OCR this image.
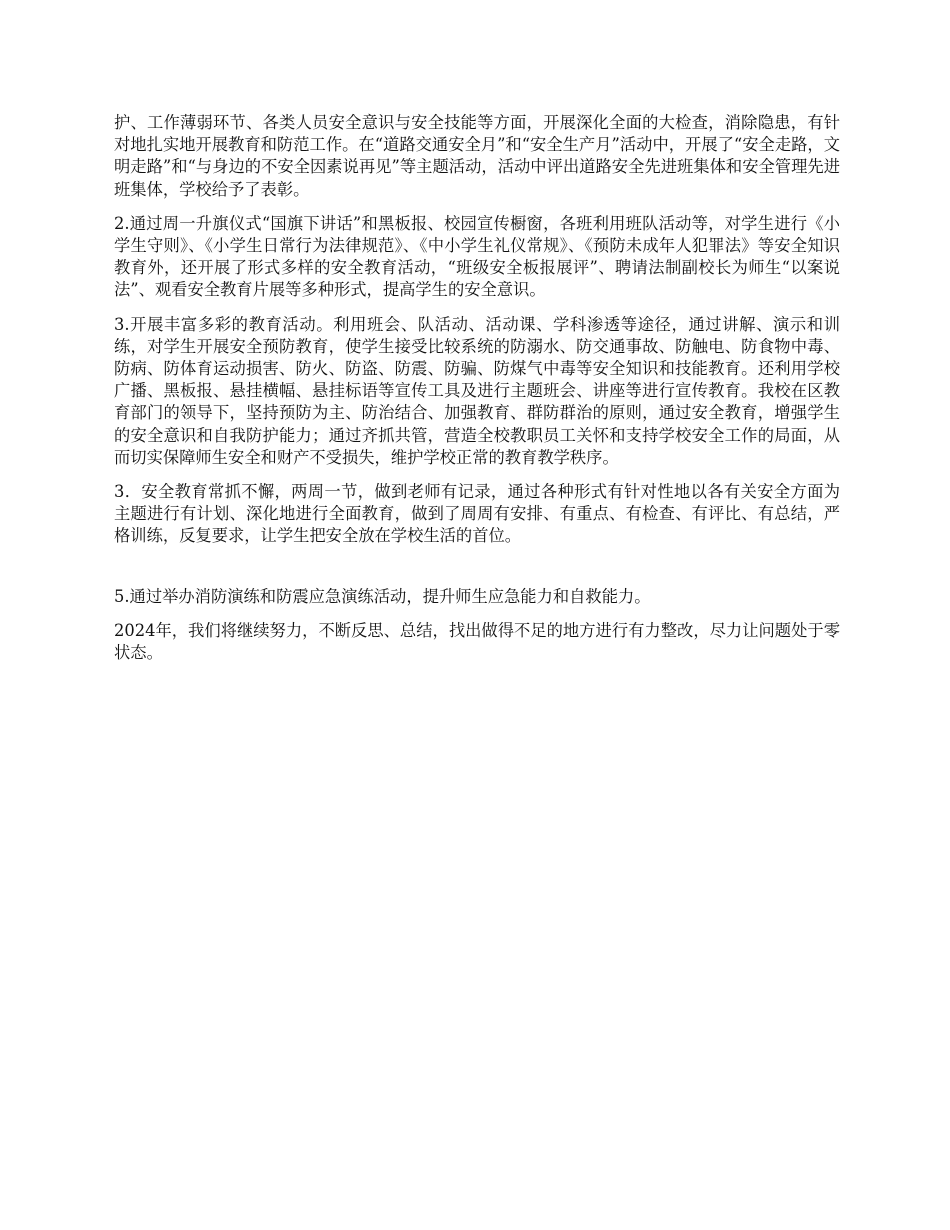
护、工作薄弱环节、各类人员安全意识与安全技能等方面，开展深化全面的大检查，消除隐患，有针对地扎实地开展教育和防范工作。在“道路交通安全月”和“安全生产月”活动中，开展了“安全走路，文明走路”和“与身边的不安全因素说再见”等主题活动，活动中评出道路安全先进班集体和安全管理先进班集体，学校给予了表彰。

2.通过周一升旗仪式“国旗下讲话”和黑板报、校园宣传橱窗，各班利用班队活动等，对学生进行《小学生守则》、《小学生日常行为法律规范》、《中小学生礼仪常规》、《预防未成年人犯罪法》等安全知识教育外，还开展了形式多样的安全教育活动，“班级安全板报展评”、聘请法制副校长为师生“以案说法”、观看安全教育片展等多种形式，提高学生的安全意识。

3.开展丰富多彩的教育活动。利用班会、队活动、活动课、学科渗透等途径，通过讲解、演示和训练，对学生开展安全预防教育，使学生接受比较系统的防溺水、防交通事故、防触电、防食物中毒、防病、防体育运动损害、防火、防盗、防震、防骗、防煤气中毒等安全知识和技能教育。还利用学校广播、黑板报、悬挂横幅、悬挂标语等宣传工具及进行主题班会、讲座等进行宣传教育。我校在区教育部门的领导下，坚持预防为主、防治结合、加强教育、群防群治的原则，通过安全教育，增强学生的安全意识和自我防护能力；通过齐抓共管，营造全校教职员工关怀和支持学校安全工作的局面，从而切实保障师生安全和财产不受损失，维护学校正常的教育教学秩序。

3．安全教育常抓不懈，两周一节，做到老师有记录，通过各种形式有针对性地以各有关安全方面为主题进行有计划、深化地进行全面教育，做到了周周有安排、有重点、有检查、有评比、有总结，严格训练，反复要求，让学生把安全放在学校生活的首位。

5.通过举办消防演练和防震应急演练活动，提升师生应急能力和自救能力。

2024年，我们将继续努力，不断反思、总结，找出做得不足的地方进行有力整改，尽力让问题处于零状态。
